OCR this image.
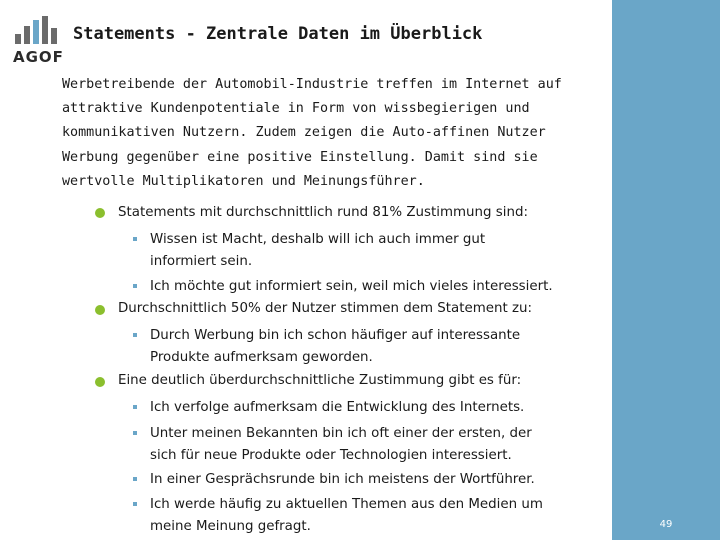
49
AGOF
Statements - Zentrale Daten im Überblick
Werbetreibende der Automobil-Industrie treffen im Internet auf
attraktive Kundenpotentiale in Form von wissbegierigen und
kommunikativen Nutzern. Zudem zeigen die Auto-affinen Nutzer
Werbung gegenüber eine positive Einstellung. Damit sind sie
wertvolle Multiplikatoren und Meinungsführer.
Statements mit durchschnittlich rund 81% Zustimmung sind:
Wissen ist Macht, deshalb will ich auch immer gut
informiert sein.
Ich möchte gut informiert sein, weil mich vieles interessiert.
Durchschnittlich 50% der Nutzer stimmen dem Statement zu:
Durch Werbung bin ich schon häufiger auf interessante
Produkte aufmerksam geworden.
Eine deutlich überdurchschnittliche Zustimmung gibt es für:
Ich verfolge aufmerksam die Entwicklung des Internets.
Unter meinen Bekannten bin ich oft einer der ersten, der
sich für neue Produkte oder Technologien interessiert.
In einer Gesprächsrunde bin ich meistens der Wortführer.
Ich werde häufig zu aktuellen Themen aus den Medien um
meine Meinung gefragt.
